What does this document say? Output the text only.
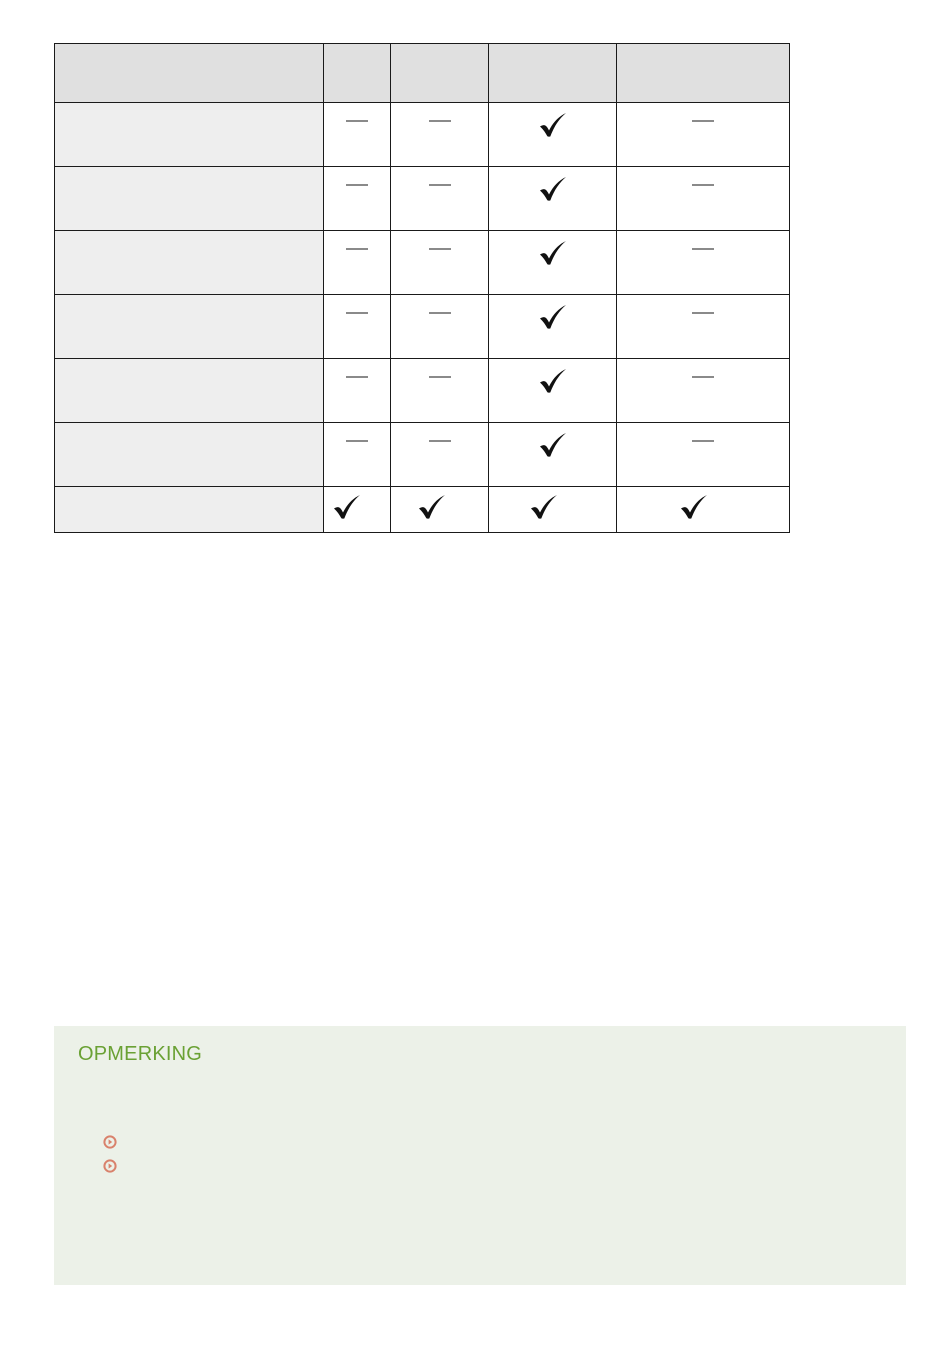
OPMERKING
